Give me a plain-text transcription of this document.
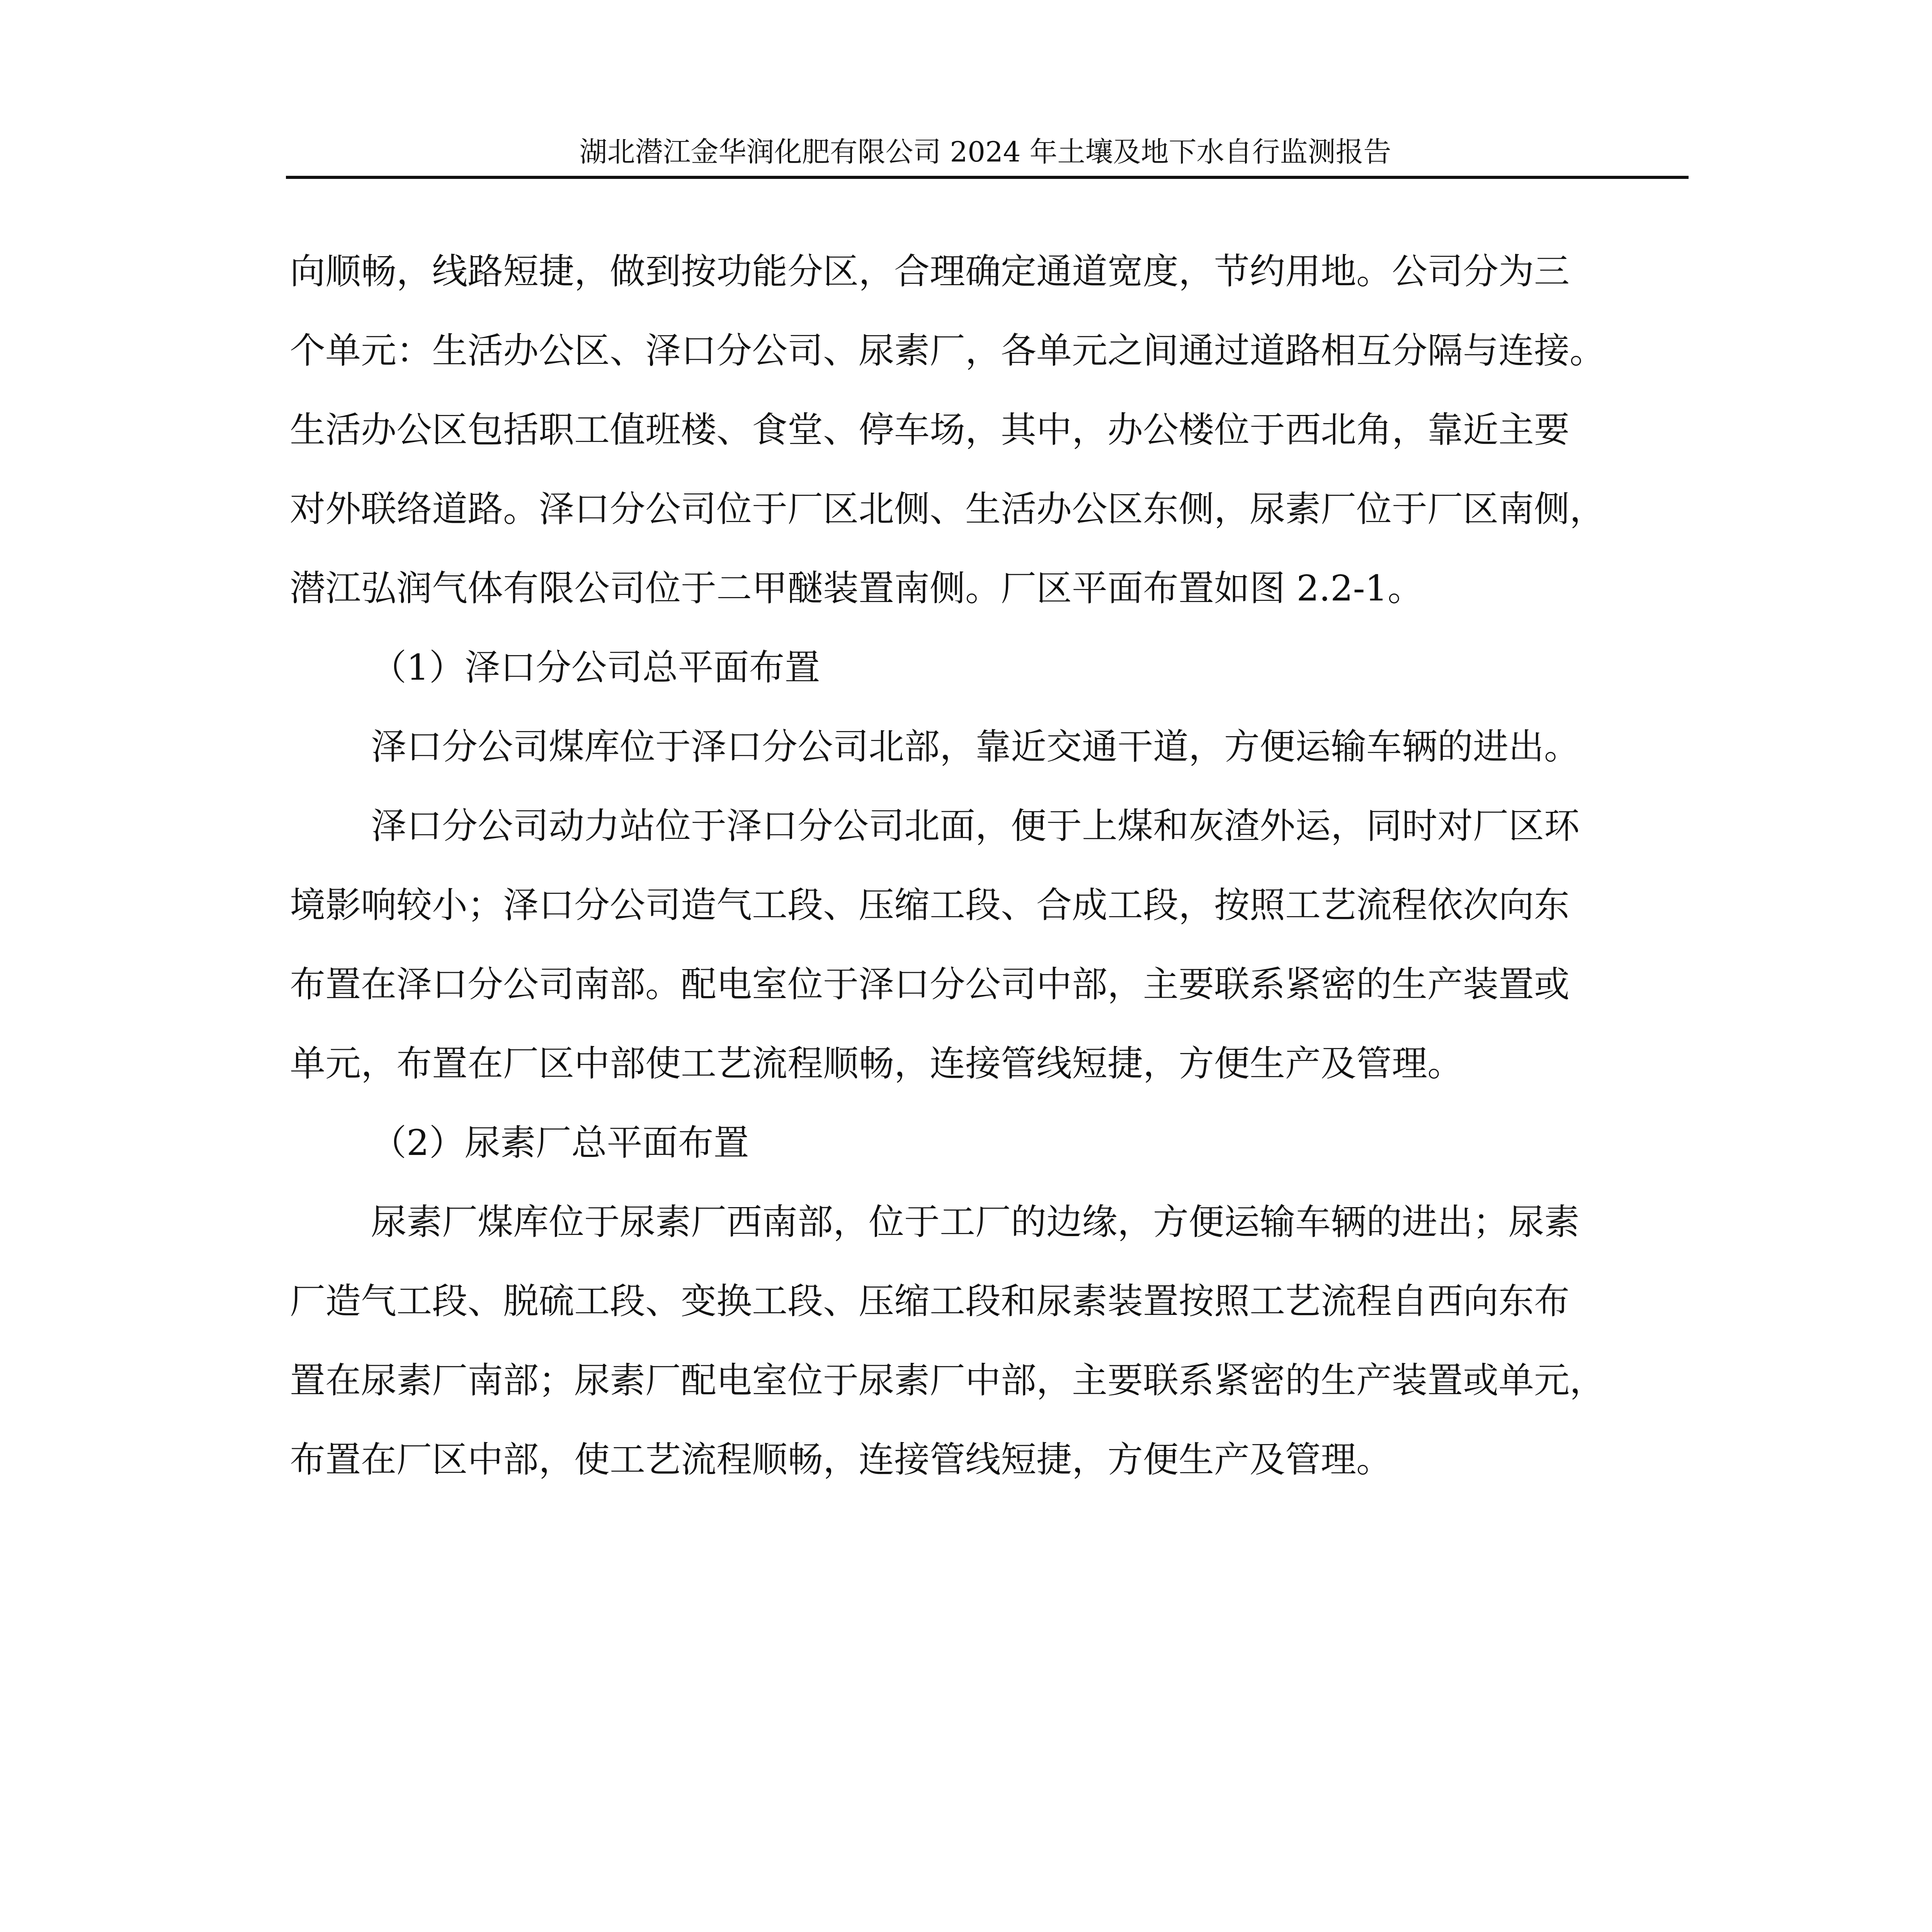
湖北潜江金华润化肥有限公司 2024 年土壤及地下水自行监测报告
向顺畅，线路短捷，做到按功能分区，合理确定通道宽度，节约用地。公司分为三
个单元：生活办公区、泽口分公司、尿素厂，各单元之间通过道路相互分隔与连接。
生活办公区包括职工值班楼、食堂、停车场，其中，办公楼位于西北角，靠近主要
对外联络道路。泽口分公司位于厂区北侧、生活办公区东侧，尿素厂位于厂区南侧，
潜江弘润气体有限公司位于二甲醚装置南侧。厂区平面布置如图 2.2-1。
（1）泽口分公司总平面布置
泽口分公司煤库位于泽口分公司北部，靠近交通干道，方便运输车辆的进出。
泽口分公司动力站位于泽口分公司北面，便于上煤和灰渣外运，同时对厂区环
境影响较小；泽口分公司造气工段、压缩工段、合成工段，按照工艺流程依次向东
布置在泽口分公司南部。配电室位于泽口分公司中部，主要联系紧密的生产装置或
单元，布置在厂区中部使工艺流程顺畅，连接管线短捷，方便生产及管理。
（2）尿素厂总平面布置
尿素厂煤库位于尿素厂西南部，位于工厂的边缘，方便运输车辆的进出；尿素
厂造气工段、脱硫工段、变换工段、压缩工段和尿素装置按照工艺流程自西向东布
置在尿素厂南部；尿素厂配电室位于尿素厂中部，主要联系紧密的生产装置或单元，
布置在厂区中部，使工艺流程顺畅，连接管线短捷，方便生产及管理。
